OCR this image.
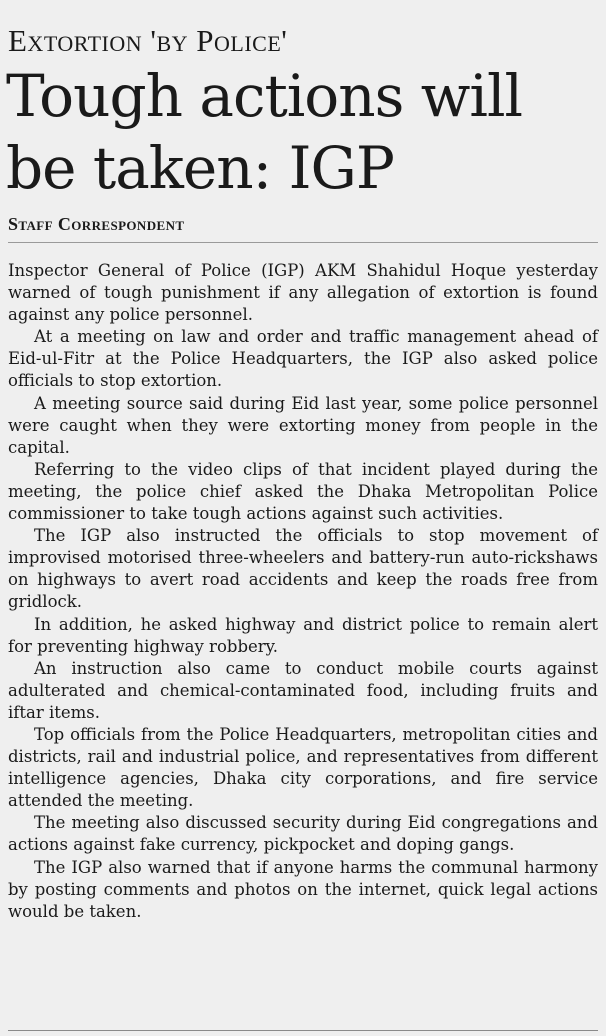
Extortion 'by Police'
Tough actions will be taken: IGP
Staff Correspondent

Inspector General of Police (IGP) AKM Shahidul Hoque yesterday warned of tough punishment if any allegation of extortion is found against any police personnel.

At a meeting on law and order and traffic management ahead of Eid-ul-Fitr at the Police Headquarters, the IGP also asked police officials to stop extortion.

A meeting source said during Eid last year, some police personnel were caught when they were extorting money from people in the capital.

Referring to the video clips of that incident played during the meeting, the police chief asked the Dhaka Metropolitan Police commissioner to take tough actions against such activities.

The IGP also instructed the officials to stop movement of improvised motorised three-wheelers and battery-run auto-rickshaws on highways to avert road accidents and keep the roads free from gridlock.

In addition, he asked highway and district police to remain alert for preventing highway robbery.

An instruction also came to conduct mobile courts against adulterated and chemical-contaminated food, including fruits and iftar items.

Top officials from the Police Headquarters, metropolitan cities and districts, rail and industrial police, and representatives from different intelligence agencies, Dhaka city corporations, and fire service attended the meeting.

The meeting also discussed security during Eid congregations and actions against fake currency, pickpocket and doping gangs.

The IGP also warned that if anyone harms the communal harmony by posting comments and photos on the internet, quick legal actions would be taken.
